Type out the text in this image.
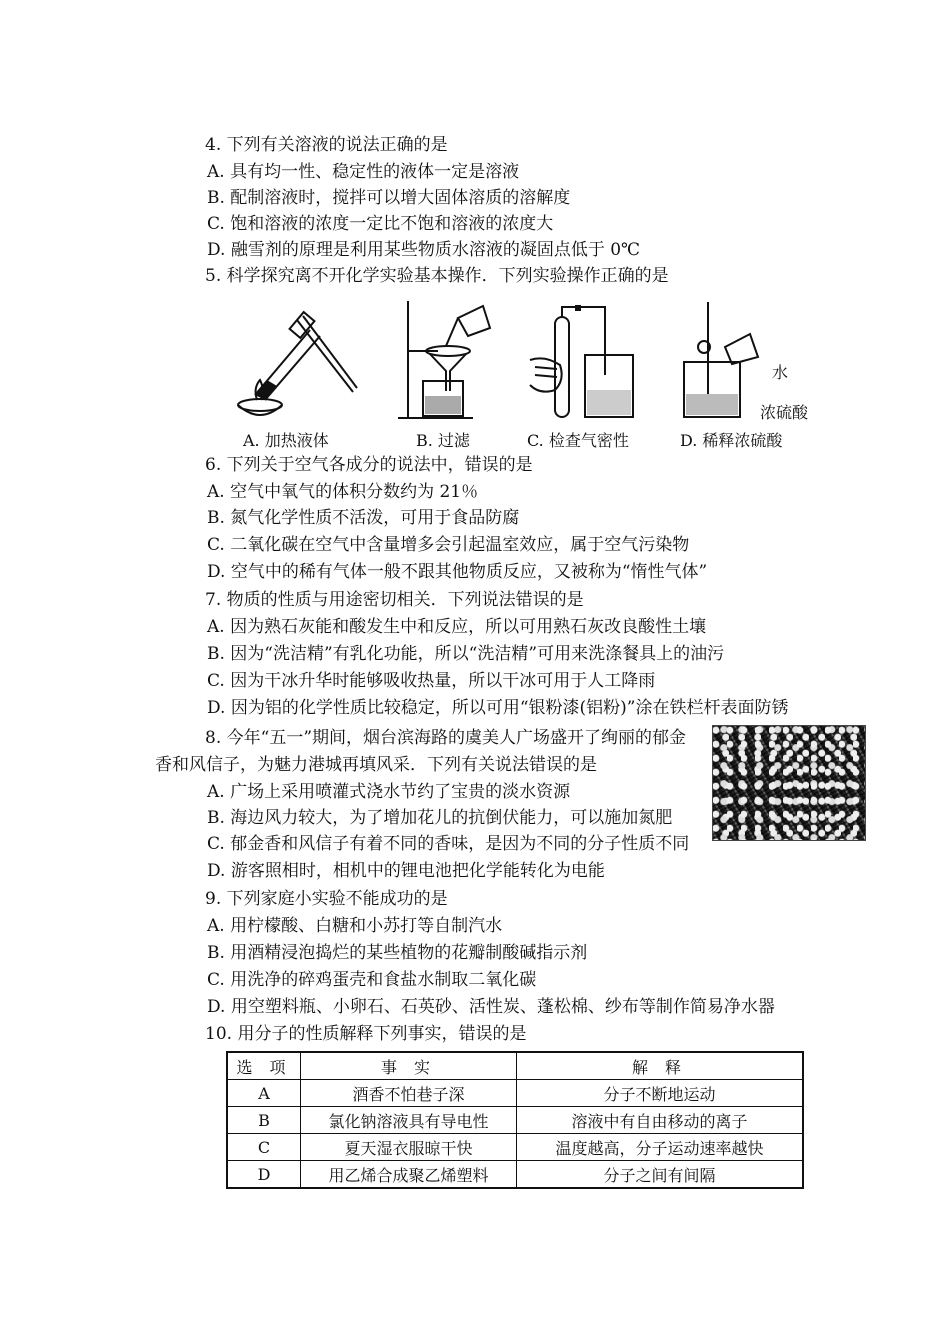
4. 下列有关溶液的说法正确的是
A. 具有均一性、稳定性的液体一定是溶液
B. 配制溶液时，搅拌可以增大固体溶质的溶解度
C. 饱和溶液的浓度一定比不饱和溶液的浓度大
D. 融雪剂的原理是利用某些物质水溶液的凝固点低于 0℃
5. 科学探究离不开化学实验基本操作．下列实验操作正确的是
A. 加热液体	B. 过滤	C. 检查气密性
水
浓硫酸
D. 稀释浓硫酸
6. 下列关于空气各成分的说法中，错误的是
A. 空气中氧气的体积分数约为 21％
B. 氮气化学性质不活泼，可用于食品防腐
C. 二氧化碳在空气中含量增多会引起温室效应，属于空气污染物
D. 空气中的稀有气体一般不跟其他物质反应，又被称为“惰性气体”
7. 物质的性质与用途密切相关．下列说法错误的是
A. 因为熟石灰能和酸发生中和反应，所以可用熟石灰改良酸性土壤
B. 因为“洗洁精”有乳化功能，所以“洗洁精”可用来洗涤餐具上的油污
C. 因为干冰升华时能够吸收热量，所以干冰可用于人工降雨
D. 因为铝的化学性质比较稳定，所以可用“银粉漆(铝粉)”涂在铁栏杆表面防锈
8. 今年“五一”期间，烟台滨海路的虞美人广场盛开了绚丽的郁金
香和风信子，为魅力港城再填风采．下列有关说法错误的是
A. 广场上采用喷灌式浇水节约了宝贵的淡水资源
B. 海边风力较大，为了增加花儿的抗倒伏能力，可以施加氮肥
C. 郁金香和风信子有着不同的香味，是因为不同的分子性质不同
D. 游客照相时，相机中的锂电池把化学能转化为电能
9. 下列家庭小实验不能成功的是
A. 用柠檬酸、白糖和小苏打等自制汽水
B. 用酒精浸泡捣烂的某些植物的花瓣制酸碱指示剂
C. 用洗净的碎鸡蛋壳和食盐水制取二氧化碳
D. 用空塑料瓶、小卵石、石英砂、活性炭、蓬松棉、纱布等制作简易净水器
10. 用分子的性质解释下列事实，错误的是
选 项	事 实	解 释
A	酒香不怕巷子深	分子不断地运动
B	氯化钠溶液具有导电性	溶液中有自由移动的离子
C	夏天湿衣服晾干快	温度越高，分子运动速率越快
D	用乙烯合成聚乙烯塑料	分子之间有间隔
